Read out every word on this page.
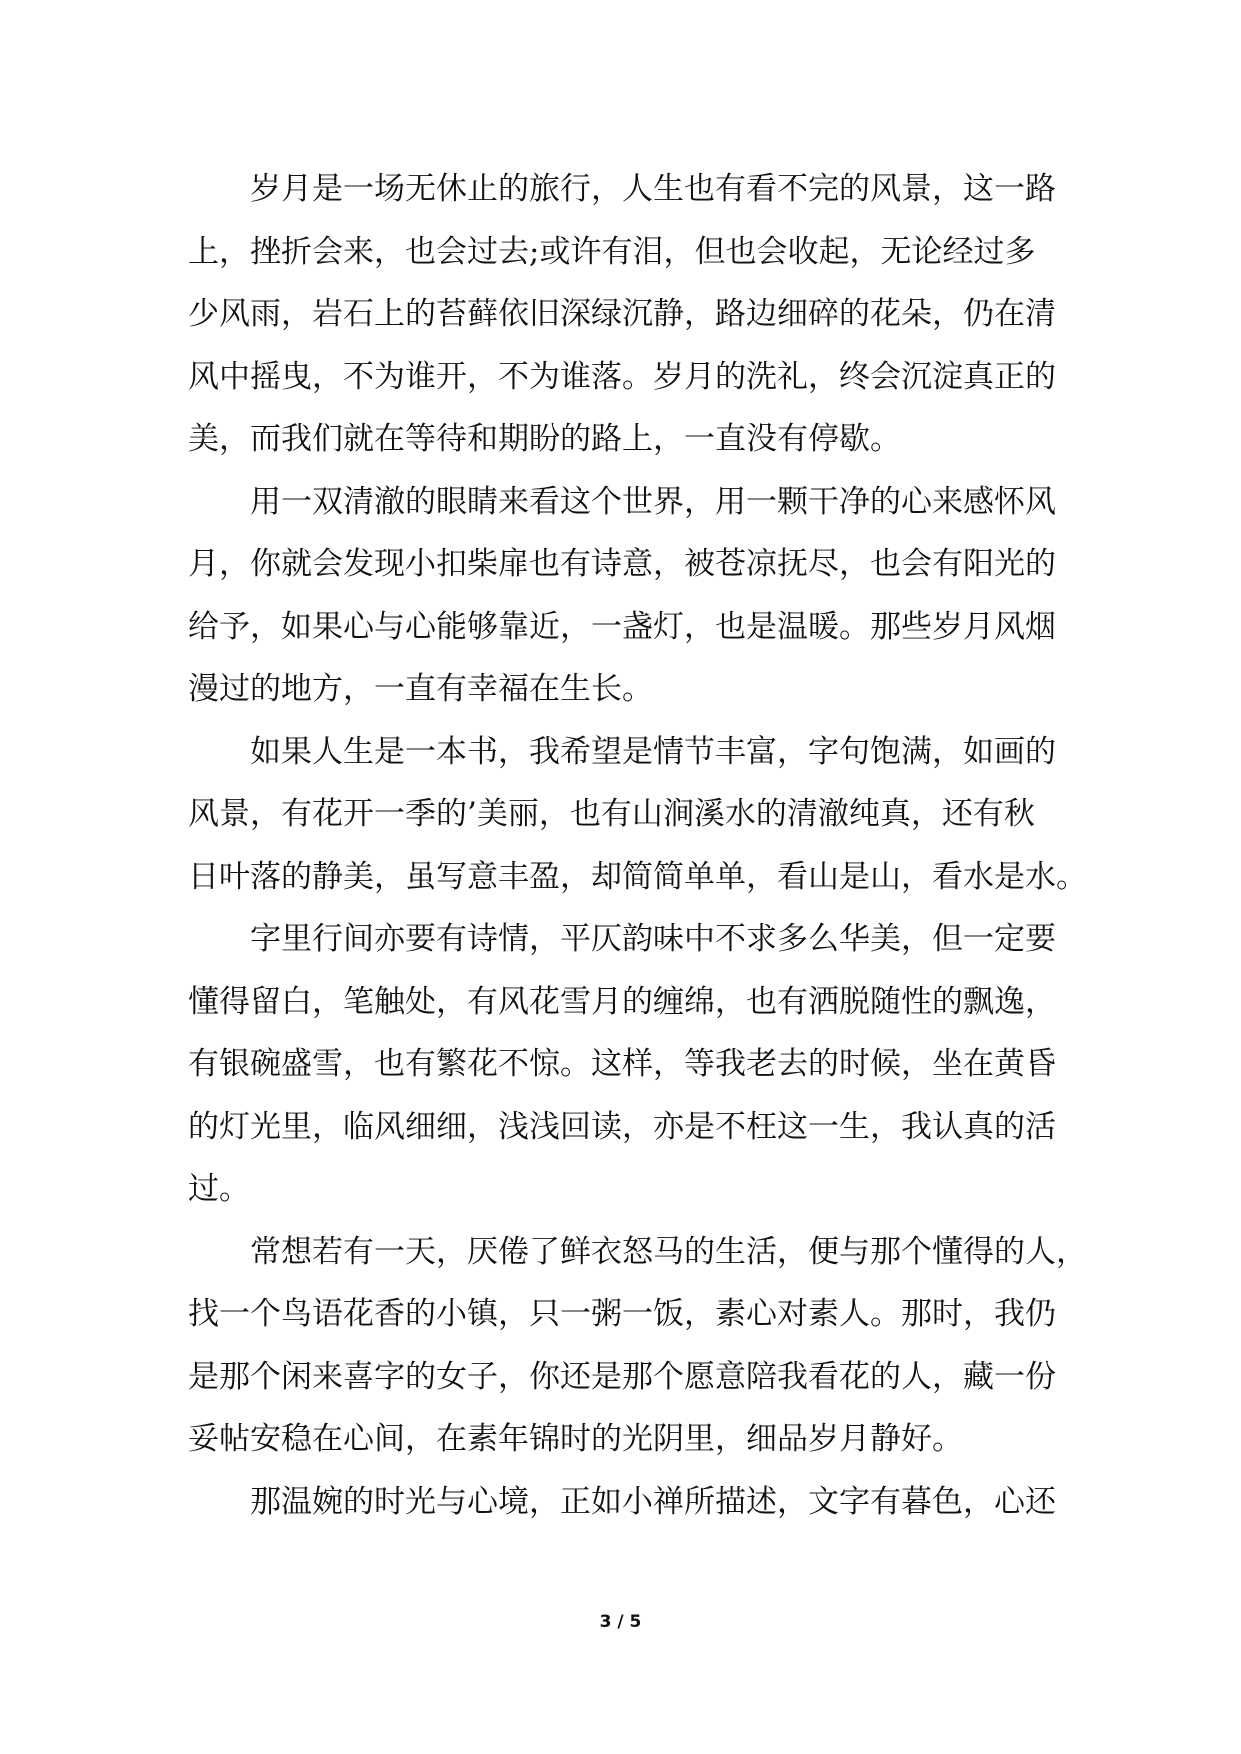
岁月是一场无休止的旅行，人生也有看不完的风景，这一路
上，挫折会来，也会过去;或许有泪，但也会收起，无论经过多
少风雨，岩石上的苔藓依旧深绿沉静，路边细碎的花朵，仍在清
风中摇曳，不为谁开，不为谁落。岁月的洗礼，终会沉淀真正的
美，而我们就在等待和期盼的路上，一直没有停歇。

用一双清澈的眼睛来看这个世界，用一颗干净的心来感怀风
月，你就会发现小扣柴扉也有诗意，被苍凉抚尽，也会有阳光的
给予，如果心与心能够靠近，一盏灯，也是温暖。那些岁月风烟
漫过的地方，一直有幸福在生长。

如果人生是一本书，我希望是情节丰富，字句饱满，如画的
风景，有花开一季的’美丽，也有山涧溪水的清澈纯真，还有秋
日叶落的静美，虽写意丰盈，却简简单单，看山是山，看水是水。

字里行间亦要有诗情，平仄韵味中不求多么华美，但一定要
懂得留白，笔触处，有风花雪月的缠绵，也有洒脱随性的飘逸，
有银碗盛雪，也有繁花不惊。这样，等我老去的时候，坐在黄昏
的灯光里，临风细细，浅浅回读，亦是不枉这一生，我认真的活
过。

常想若有一天，厌倦了鲜衣怒马的生活，便与那个懂得的人，
找一个鸟语花香的小镇，只一粥一饭，素心对素人。那时，我仍
是那个闲来喜字的女子，你还是那个愿意陪我看花的人，藏一份
妥帖安稳在心间，在素年锦时的光阴里，细品岁月静好。

那温婉的时光与心境，正如小禅所描述，文字有暮色，心还

3 / 5
